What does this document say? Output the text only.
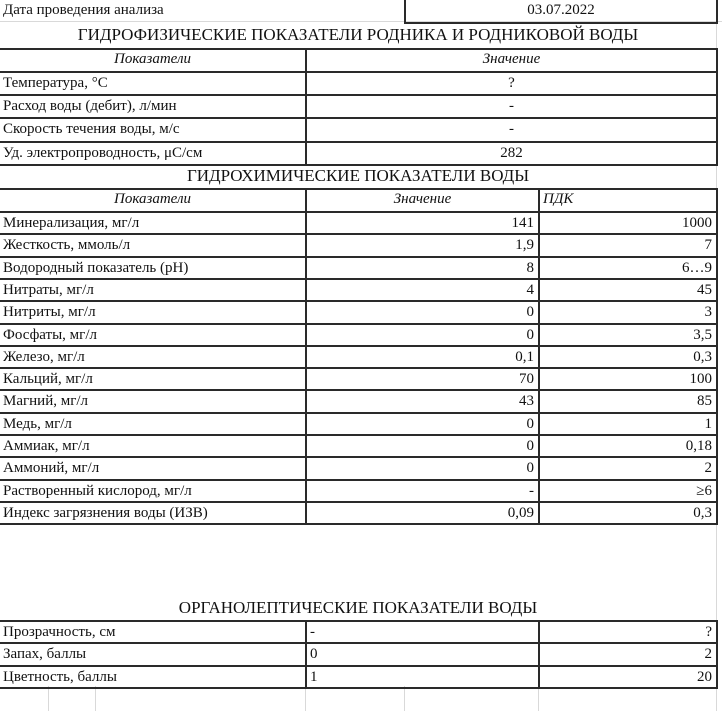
Дата проведения анализа	03.07.2022
ГИДРОФИЗИЧЕСКИЕ ПОКАЗАТЕЛИ РОДНИКА И РОДНИКОВОЙ ВОДЫ
Показатели	Значение
Температура, °C	?
Расход воды (дебит), л/мин	-
Скорость течения воды, м/с	-
Уд. электропроводность, μС/см	282
ГИДРОХИМИЧЕСКИЕ ПОКАЗАТЕЛИ ВОДЫ
Показатели	Значение	ПДК
Минерализация, мг/л	141	1000
Жесткость, ммоль/л	1,9	7
Водородный показатель (pH)	8	6…9
Нитраты, мг/л	4	45
Нитриты, мг/л	0	3
Фосфаты, мг/л	0	3,5
Железо, мг/л	0,1	0,3
Кальций, мг/л	70	100
Магний, мг/л	43	85
Медь, мг/л	0	1
Аммиак, мг/л	0	0,18
Аммоний, мг/л	0	2
Растворенный кислород, мг/л	-	≥6
Индекс загрязнения воды (ИЗВ)	0,09	0,3
ОРГАНОЛЕПТИЧЕСКИЕ ПОКАЗАТЕЛИ ВОДЫ
Прозрачность, см	-	?
Запах, баллы	0	2
Цветность, баллы	1	20
